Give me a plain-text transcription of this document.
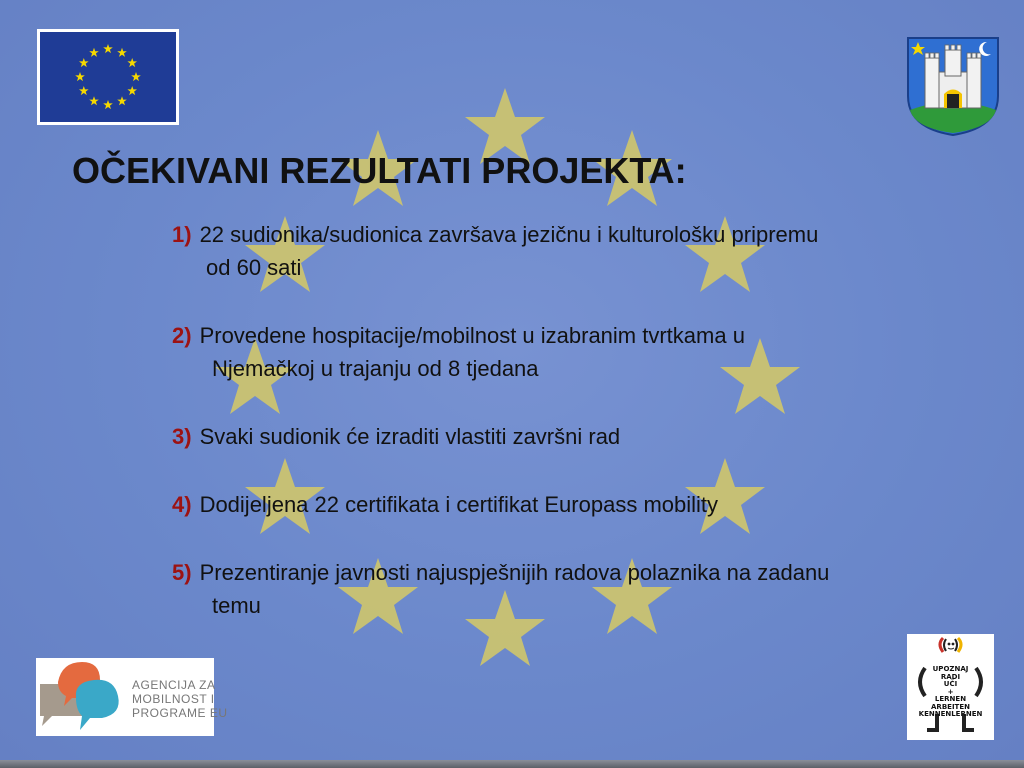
OČEKIVANI REZULTATI PROJEKTA:
1) 22 sudionika/sudionica završava jezičnu i kulturološku pripremu
od 60 sati
2) Provedene hospitacije/mobilnost u izabranim tvrtkama u
Njemačkoj u trajanju od 8 tjedana
3) Svaki sudionik će izraditi vlastiti završni rad
4) Dodijeljena 22 certifikata i certifikat Europass mobility
5) Prezentiranje javnosti najuspješnijih radova polaznika na zadanu
temu
AGENCIJA ZA
MOBILNOST I
PROGRAME EU
UPOZNAJ
RADI
UČI
+
LERNEN
ARBEITEN
KENNENLERNEN
